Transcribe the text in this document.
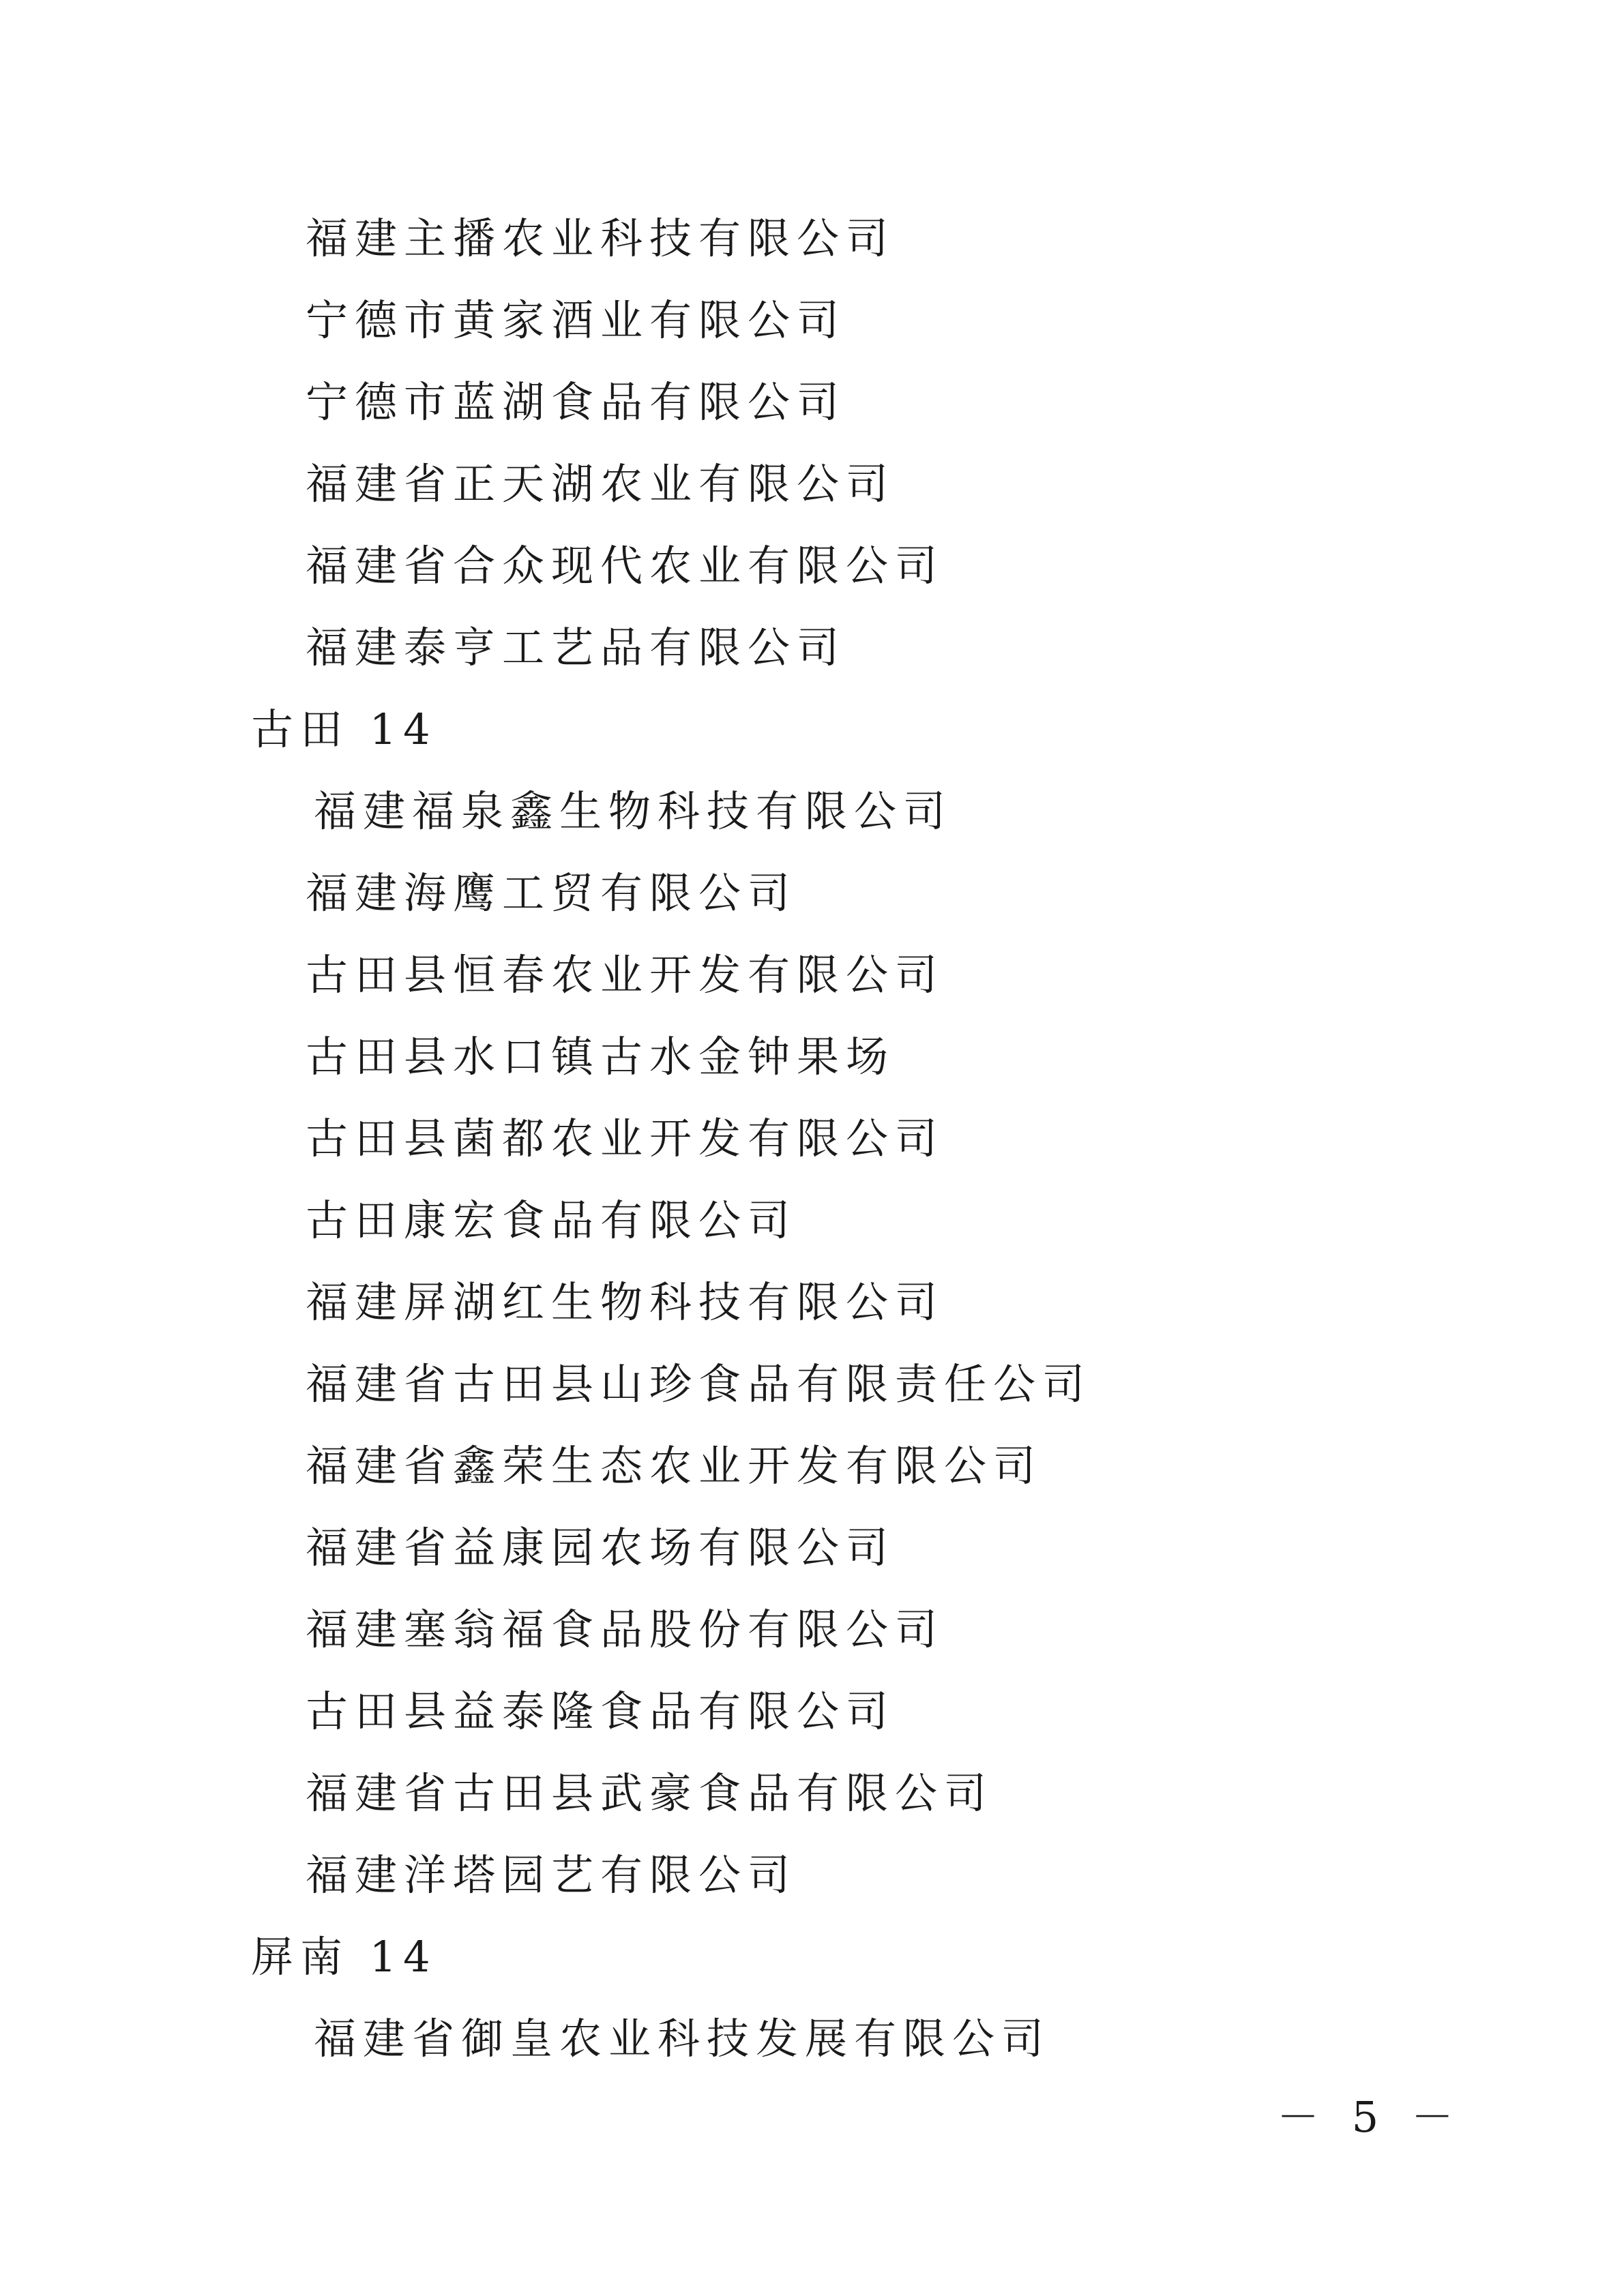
福建主播农业科技有限公司
宁德市黄家酒业有限公司
宁德市蓝湖食品有限公司
福建省正天湖农业有限公司
福建省合众现代农业有限公司
福建泰亨工艺品有限公司
古田 14
福建福泉鑫生物科技有限公司
福建海鹰工贸有限公司
古田县恒春农业开发有限公司
古田县水口镇古水金钟果场
古田县菌都农业开发有限公司
古田康宏食品有限公司
福建屏湖红生物科技有限公司
福建省古田县山珍食品有限责任公司
福建省鑫荣生态农业开发有限公司
福建省益康园农场有限公司
福建塞翁福食品股份有限公司
古田县益泰隆食品有限公司
福建省古田县武豪食品有限公司
福建洋塔园艺有限公司
屏南 14
福建省御皇农业科技发展有限公司
－ 5 －
